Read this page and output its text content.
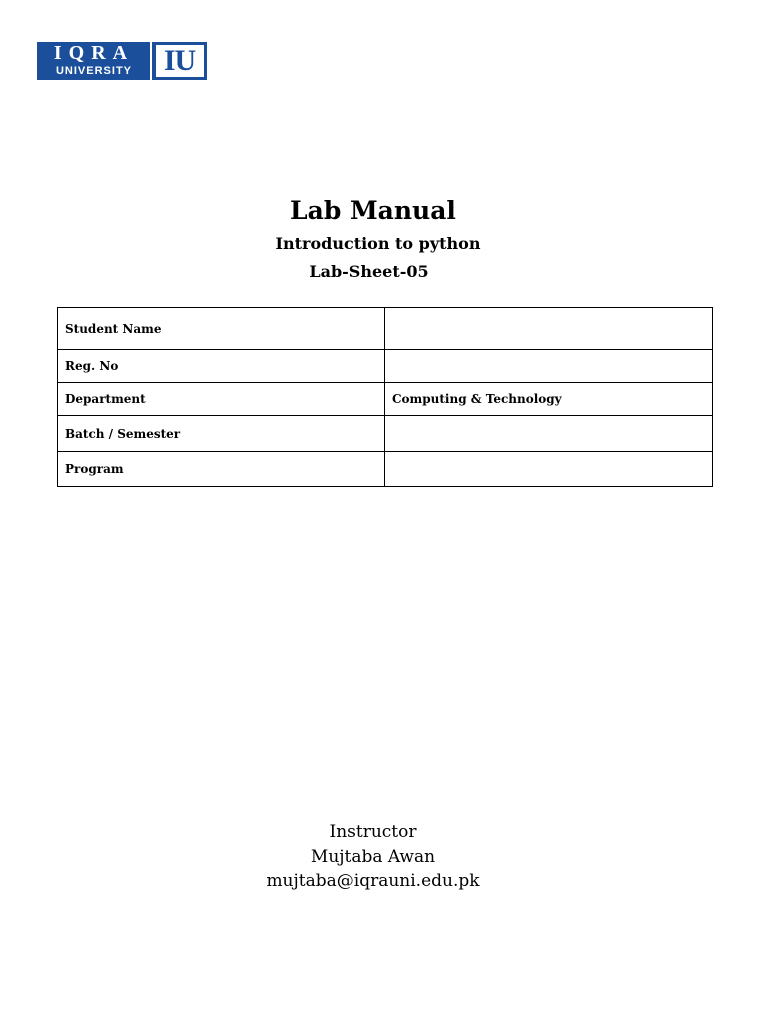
IQRA
UNIVERSITY	IU
Lab Manual
Introduction to python
Lab-Sheet-05
Student Name	
Reg. No	
Department	Computing & Technology
Batch / Semester	
Program	
Instructor
Mujtaba Awan
mujtaba@iqrauni.edu.pk
